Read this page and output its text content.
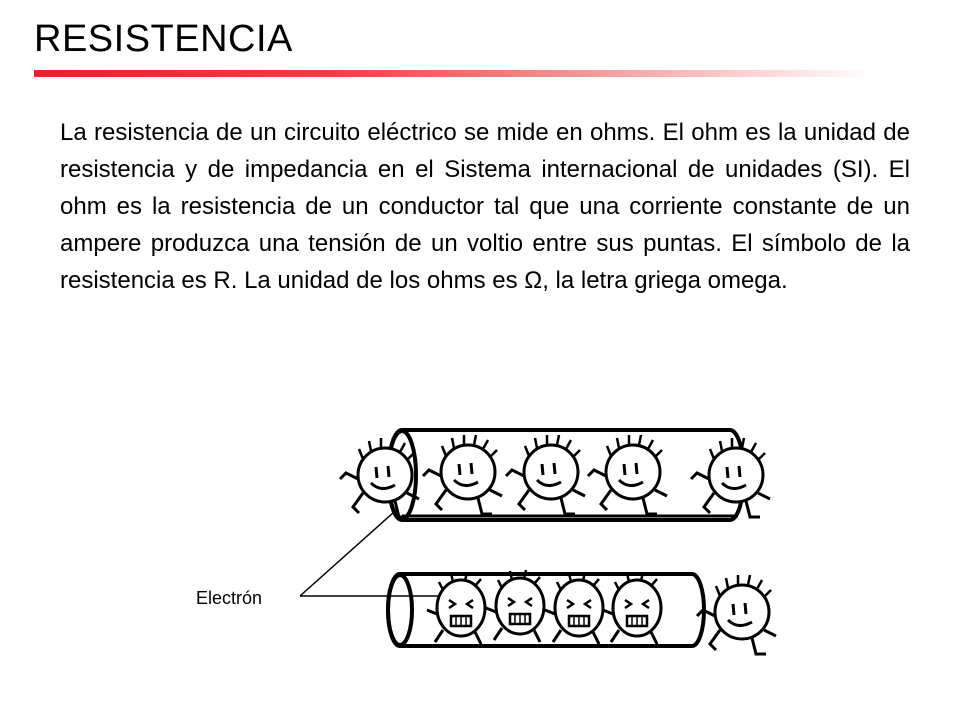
RESISTENCIA

La resistencia de un circuito eléctrico se mide en ohms. El ohm es la unidad de resistencia y de impedancia en el Sistema internacional de unidades (SI). El ohm es la resistencia de un conductor tal que una corriente constante de un ampere produzca una tensión de un voltio entre sus puntas. El símbolo de la resistencia es R. La unidad de los ohms es Ω, la letra griega omega.

Electrón
